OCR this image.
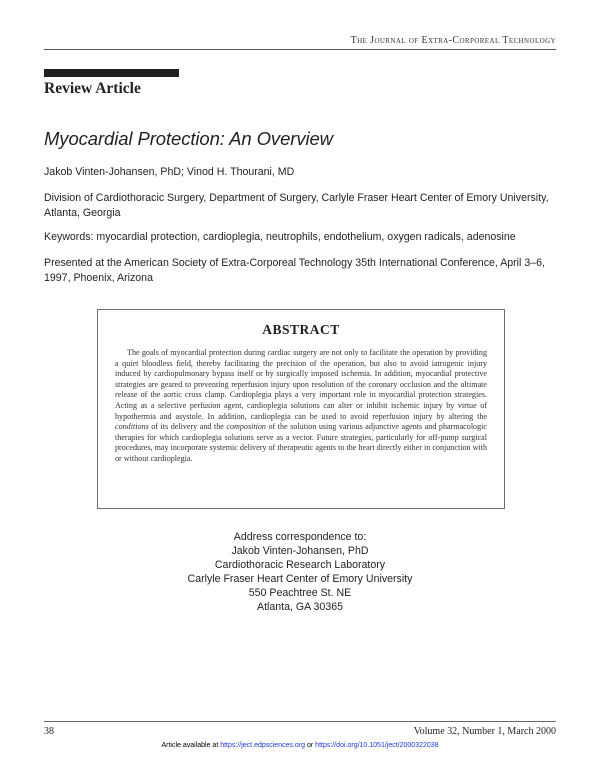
The Journal of Extra-Corporeal Technology
Review Article
Myocardial Protection: An Overview
Jakob Vinten-Johansen, PhD; Vinod H. Thourani, MD
Division of Cardiothoracic Surgery, Department of Surgery, Carlyle Fraser Heart Center of Emory University, Atlanta, Georgia
Keywords: myocardial protection, cardioplegia, neutrophils, endothelium, oxygen radicals, adenosine
Presented at the American Society of Extra-Corporeal Technology 35th International Conference, April 3–6, 1997, Phoenix, Arizona
ABSTRACT
The goals of myocardial protection during cardiac surgery are not only to facilitate the operation by providing a quiet bloodless field, thereby facilitating the precision of the operation, but also to avoid iatrogenic injury induced by cardiopulmonary bypass itself or by surgically imposed ischemia. In addition, myocardial protective strategies are geared to preventing reperfusion injury upon resolution of the coronary occlusion and the ultimate release of the aortic cross clamp. Cardioplegia plays a very important role in myocardial protection strategies. Acting as a selective perfusion agent, cardioplegia solutions can alter or inhibit ischemic injury by virtue of hypothermia and asystole. In addition, cardioplegia can be used to avoid reperfusion injury by altering the conditions of its delivery and the composition of the solution using various adjunctive agents and pharmacologic therapies for which cardioplegia solutions serve as a vector. Future strategies, particularly for off-pump surgical procedures, may incorporate systemic delivery of therapeutic agents to the heart directly either in conjunction with or without cardioplegia.
Address correspondence to:
Jakob Vinten-Johansen, PhD
Cardiothoracic Research Laboratory
Carlyle Fraser Heart Center of Emory University
550 Peachtree St. NE
Atlanta, GA 30365
38	Volume 32, Number 1, March 2000
Article available at https://ject.edpsciences.org or https://doi.org/10.1051/ject/2000322038
